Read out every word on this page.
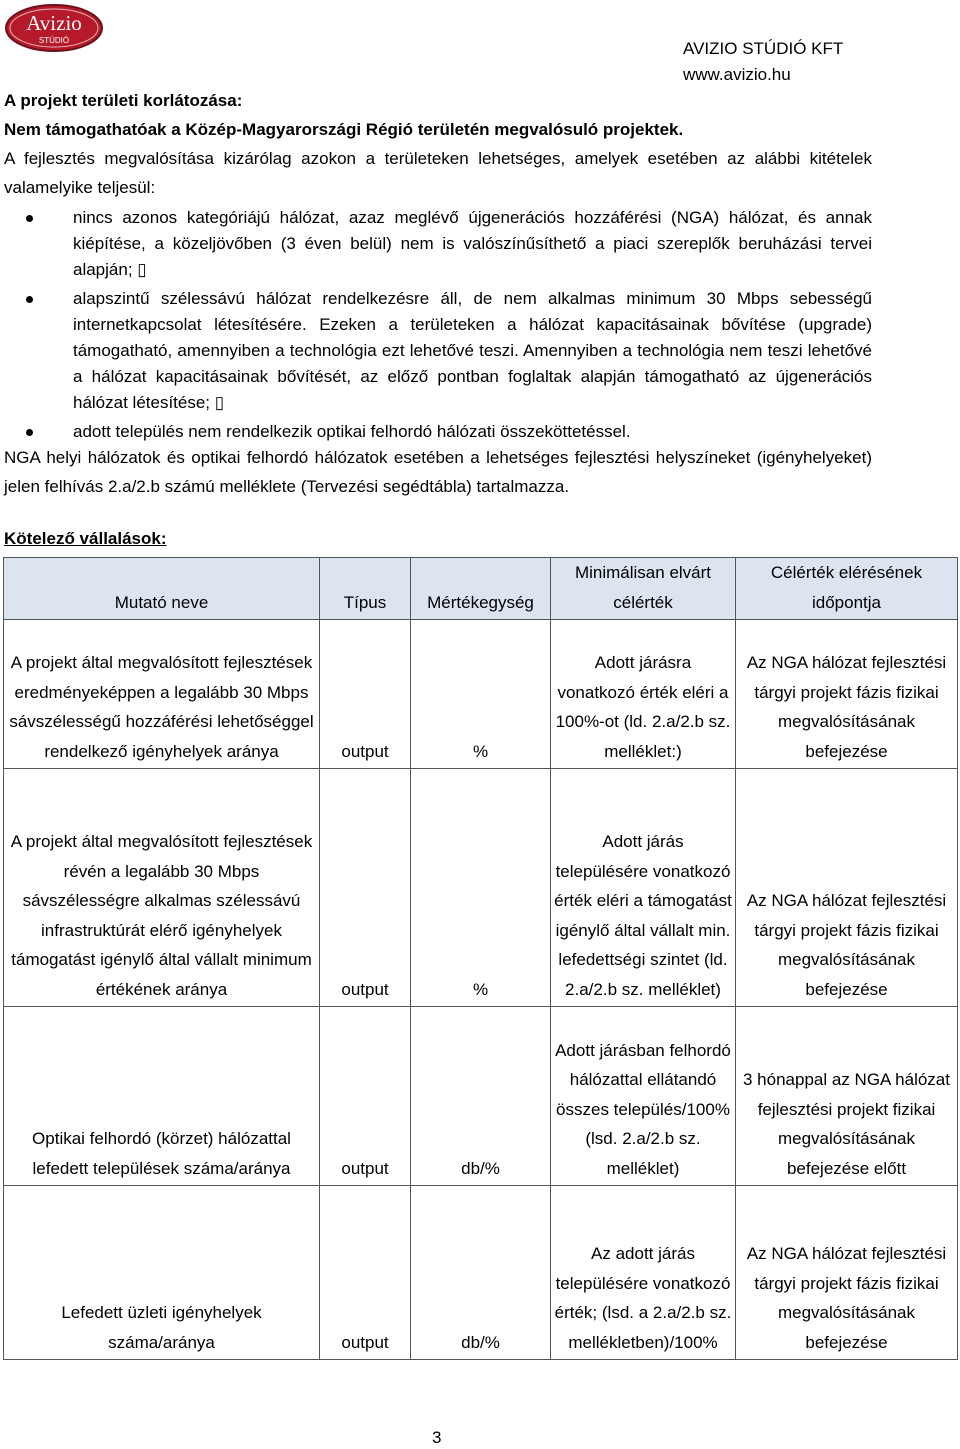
Avizio
STÚDIÓ	AVIZIO STÚDIÓ KFT
www.avizio.hu

A projekt területi korlátozása:

Nem támogathatóak a Közép-Magyarországi Régió területén megvalósuló projektek.

A fejlesztés megvalósítása kizárólag azokon a területeken lehetséges, amelyek esetében az alábbi kitételek valamelyike teljesül:

nincs azonos kategóriájú hálózat, azaz meglévő újgenerációs hozzáférési (NGA) hálózat, és annak kiépítése, a közeljövőben (3 éven belül) nem is valószínűsíthető a piaci szereplők beruházási tervei alapján; ▯
alapszintű szélessávú hálózat rendelkezésre áll, de nem alkalmas minimum 30 Mbps sebességű internetkapcsolat létesítésére. Ezeken a területeken a hálózat kapacitásainak bővítése (upgrade) támogatható, amennyiben a technológia ezt lehetővé teszi. Amennyiben a technológia nem teszi lehetővé a hálózat kapacitásainak bővítését, az előző pontban foglaltak alapján támogatható az újgenerációs hálózat létesítése; ▯
adott település nem rendelkezik optikai felhordó hálózati összeköttetéssel.

NGA helyi hálózatok és optikai felhordó hálózatok esetében a lehetséges fejlesztési helyszíneket (igényhelyeket) jelen felhívás 2.a/2.b számú melléklete (Tervezési segédtábla) tartalmazza.

Kötelező vállalások:
Mutató neve	Típus	Mértékegység	Minimálisan elvárt célérték	Célérték elérésének időpontja
A projekt által megvalósított fejlesztések eredményeképpen a legalább 30 Mbps sávszélességű hozzáférési lehetőséggel rendelkező igényhelyek aránya	output	%	Adott járásra vonatkozó érték eléri a 100%-ot (ld. 2.a/2.b sz. melléklet:)	Az NGA hálózat fejlesztési tárgyi projekt fázis fizikai megvalósításának befejezése
A projekt által megvalósított fejlesztések révén a legalább 30 Mbps sávszélességre alkalmas szélessávú infrastruktúrát elérő igényhelyek támogatást igénylő által vállalt minimum értékének aránya	output	%	Adott járás településére vonatkozó érték eléri a támogatást igénylő által vállalt min. lefedettségi szintet (ld. 2.a/2.b sz. melléklet)	Az NGA hálózat fejlesztési tárgyi projekt fázis fizikai megvalósításának befejezése
Optikai felhordó (körzet) hálózattal lefedett települések száma/aránya	output	db/%	Adott járásban felhordó hálózattal ellátandó összes település/100% (lsd. 2.a/2.b sz. melléklet)	3 hónappal az NGA hálózat fejlesztési projekt fizikai megvalósításának befejezése előtt
Lefedett üzleti igényhelyek száma/aránya	output	db/%	Az adott járás településére vonatkozó érték; (lsd. a 2.a/2.b sz. mellékletben)/100%	Az NGA hálózat fejlesztési tárgyi projekt fázis fizikai megvalósításának befejezése
3
